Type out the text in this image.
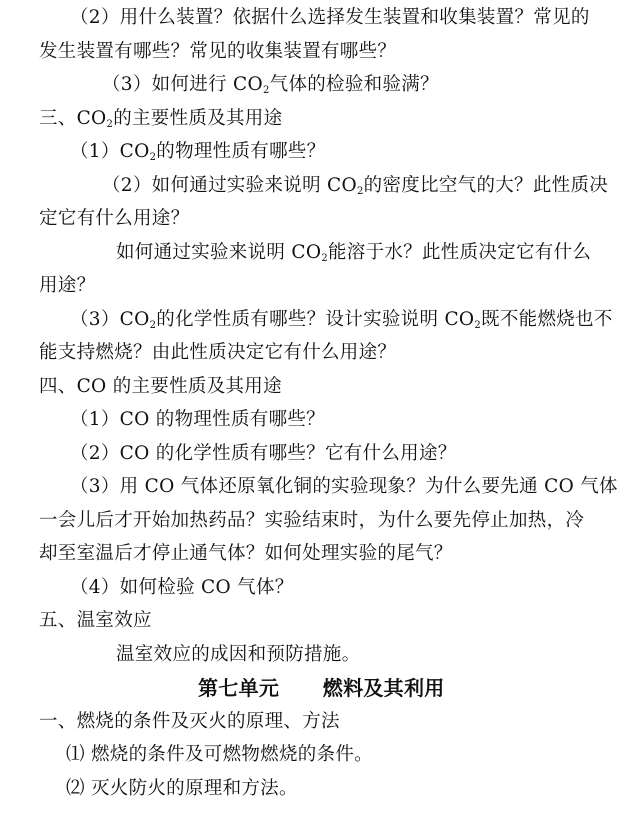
（2）用什么装置？依据什么选择发生装置和收集装置？常见的
发生装置有哪些？常见的收集装置有哪些？
（3）如何进行 $CO_2$气体的检验和验满？
三、$CO_2$的主要性质及其用途
$(1)CO_2$的物理性质有哪些？
（2）如何通过实验来说明 $CO_2$的密度比空气的大？此性质决
定它有什么用途？
如何通过实验来说明 $CO_2$能溶于水？此性质决定它有什么
用途？
$(3)CO_2$的化学性质有哪些？设计实验说明 $CO_2$既不能燃烧也不
能支持燃烧？由此性质决定它有什么用途？
四、CO 的主要性质及其用途
（1）CO 的物理性质有哪些？
（2）CO 的化学性质有哪些？它有什么用途？
（3）用 CO 气体还原氧化铜的实验现象？为什么要先通 CO 气体
一会儿后才开始加热药品？实验结束时，为什么要先停止加热，冷
却至室温后才停止通气体？如何处理实验的尾气？
（4）如何检验 CO 气体？
五、温室效应
温室效应的成因和预防措施。
第七单元      燃料及其利用
一、燃烧的条件及灭火的原理、方法
⑴ 燃烧的条件及可燃物燃烧的条件。
⑵ 灭火防火的原理和方法。
